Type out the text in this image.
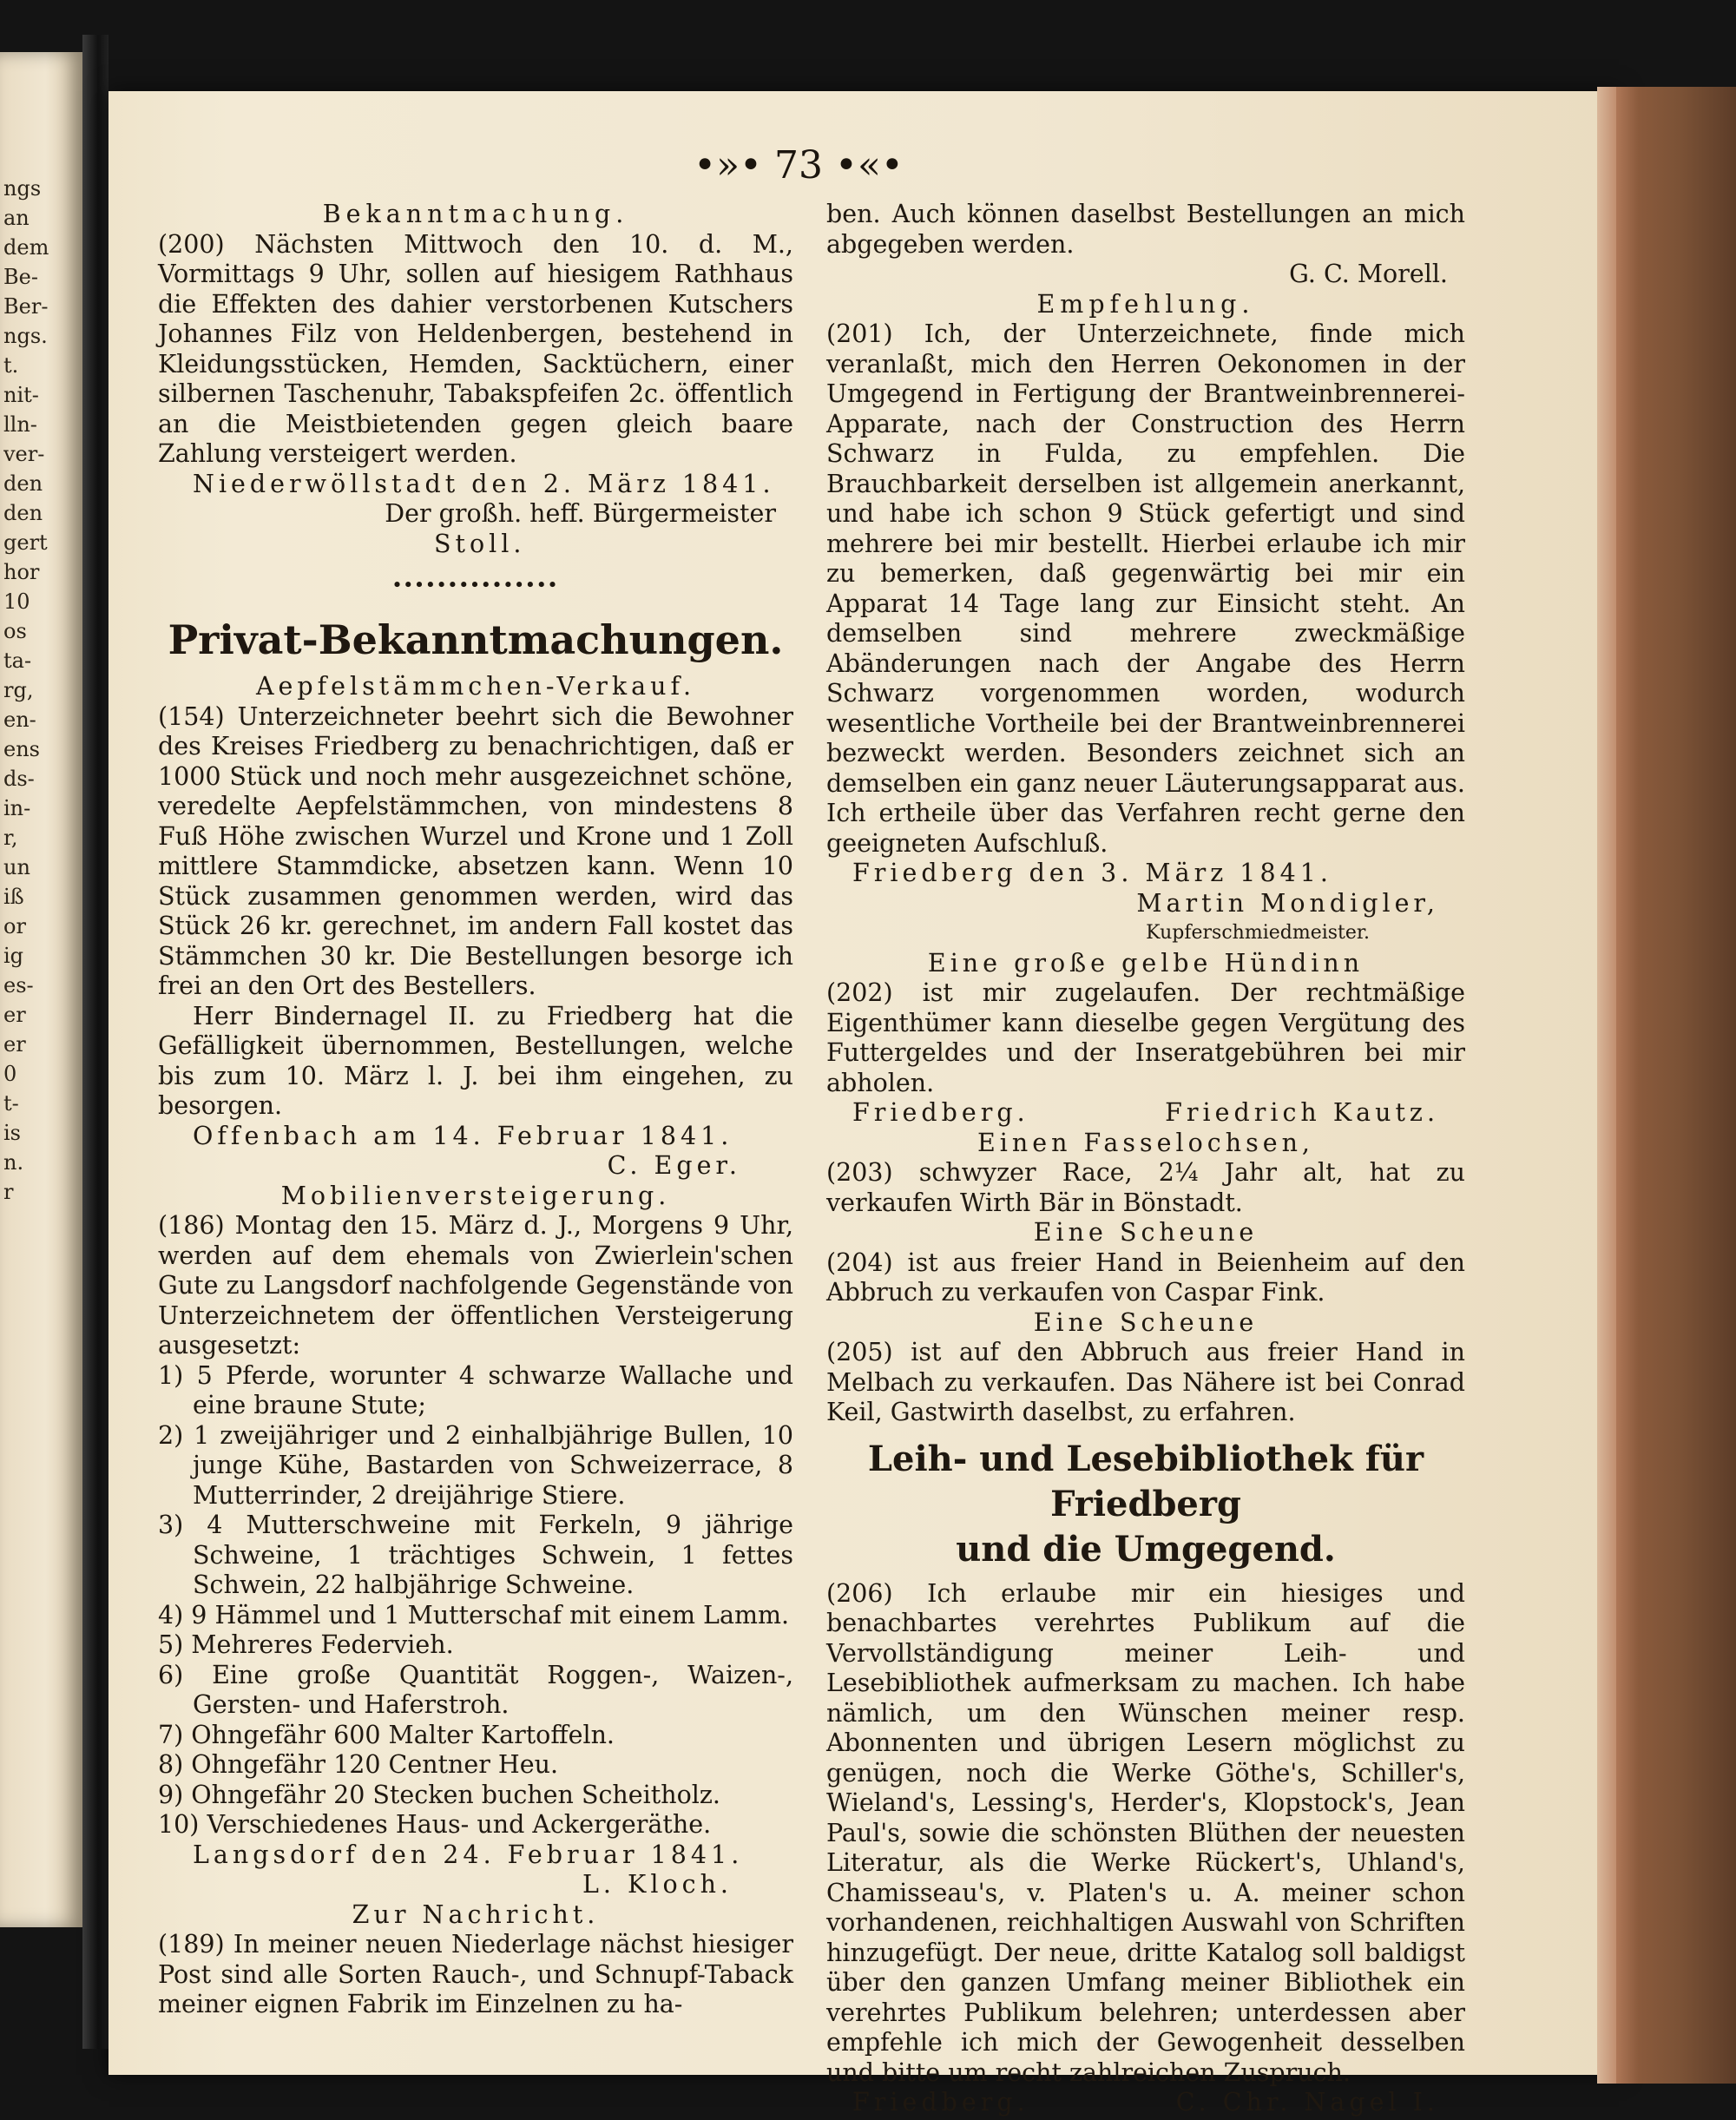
ngs
an
dem
Be-
Ber-
ngs.
t.
nit-
lln-
ver-
den
den
gert
hor
10
os
ta-
rg,
en-
ens
ds-
in-
r,
un
iß
or
ig
es-
er
er
0
t-
is
n.
r
•»• 73 •«•

Bekanntmachung.

(200) Nächsten Mittwoch den 10. d. M., Vormittags 9 Uhr, sollen auf hiesigem Rathhaus die Effekten des dahier verstorbenen Kutschers Johannes Filz von Heldenbergen, bestehend in Kleidungsstücken, Hemden, Sacktüchern, einer silbernen Taschenuhr, Tabakspfeifen 2c. öffentlich an die Meistbietenden gegen gleich baare Zahlung versteigert werden.

Niederwöllstadt den 2. März 1841.

Der großh. heff. Bürgermeister

Stoll.

∙∙∙∙∙∙∙∙∙∙∙∙∙∙∙

Privat-Bekanntmachungen.

Aepfelstämmchen-Verkauf.

(154) Unterzeichneter beehrt sich die Bewohner des Kreises Friedberg zu benachrichtigen, daß er 1000 Stück und noch mehr ausgezeichnet schöne, veredelte Aepfelstämmchen, von mindestens 8 Fuß Höhe zwischen Wurzel und Krone und 1 Zoll mittlere Stammdicke, absetzen kann. Wenn 10 Stück zusammen genommen werden, wird das Stück 26 kr. gerechnet, im andern Fall kostet das Stämmchen 30 kr. Die Bestellungen besorge ich frei an den Ort des Bestellers.

Herr Bindernagel II. zu Friedberg hat die Gefälligkeit übernommen, Bestellungen, welche bis zum 10. März l. J. bei ihm eingehen, zu besorgen.

Offenbach am 14. Februar 1841.

C. Eger.

Mobilienversteigerung.

(186) Montag den 15. März d. J., Morgens 9 Uhr, werden auf dem ehemals von Zwierlein'schen Gute zu Langsdorf nachfolgende Gegenstände von Unterzeichnetem der öffentlichen Versteigerung ausgesetzt:

1) 5 Pferde, worunter 4 schwarze Wallache und eine braune Stute;

2) 1 zweijähriger und 2 einhalbjährige Bullen, 10 junge Kühe, Bastarden von Schweizerrace, 8 Mutterrinder, 2 dreijährige Stiere.

3) 4 Mutterschweine mit Ferkeln, 9 jährige Schweine, 1 trächtiges Schwein, 1 fettes Schwein, 22 halbjährige Schweine.

4) 9 Hämmel und 1 Mutterschaf mit einem Lamm.

5) Mehreres Federvieh.

6) Eine große Quantität Roggen-, Waizen-, Gersten- und Haferstroh.

7) Ohngefähr 600 Malter Kartoffeln.

8) Ohngefähr 120 Centner Heu.

9) Ohngefähr 20 Stecken buchen Scheitholz.

10) Verschiedenes Haus- und Ackergeräthe.

Langsdorf den 24. Februar 1841.

L. Kloch.

Zur Nachricht.

(189) In meiner neuen Niederlage nächst hiesiger Post sind alle Sorten Rauch-, und Schnupf-Taback meiner eignen Fabrik im Einzelnen zu ha-

ben. Auch können daselbst Bestellungen an mich abgegeben werden.

G. C. Morell.

Empfehlung.

(201) Ich, der Unterzeichnete, finde mich veranlaßt, mich den Herren Oekonomen in der Umgegend in Fertigung der Brantweinbrennerei-Apparate, nach der Construction des Herrn Schwarz in Fulda, zu empfehlen. Die Brauchbarkeit derselben ist allgemein anerkannt, und habe ich schon 9 Stück gefertigt und sind mehrere bei mir bestellt. Hierbei erlaube ich mir zu bemerken, daß gegenwärtig bei mir ein Apparat 14 Tage lang zur Einsicht steht. An demselben sind mehrere zweckmäßige Abänderungen nach der Angabe des Herrn Schwarz vorgenommen worden, wodurch wesentliche Vortheile bei der Brantweinbrennerei bezweckt werden. Besonders zeichnet sich an demselben ein ganz neuer Läuterungsapparat aus. Ich ertheile über das Verfahren recht gerne den geeigneten Aufschluß.

Friedberg den 3. März 1841.

Martin Mondigler,

Kupferschmiedmeister.

Eine große gelbe Hündinn

(202) ist mir zugelaufen. Der rechtmäßige Eigenthümer kann dieselbe gegen Vergütung des Futtergeldes und der Inseratgebühren bei mir abholen.

Friedberg.	Friedrich Kautz.

Einen Fasselochsen,

(203) schwyzer Race, 2¼ Jahr alt, hat zu verkaufen Wirth Bär in Bönstadt.

Eine Scheune

(204) ist aus freier Hand in Beienheim auf den Abbruch zu verkaufen von Caspar Fink.

Eine Scheune

(205) ist auf den Abbruch aus freier Hand in Melbach zu verkaufen. Das Nähere ist bei Conrad Keil, Gastwirth daselbst, zu erfahren.

Leih- und Lesebibliothek für Friedberg

und die Umgegend.

(206) Ich erlaube mir ein hiesiges und benachbartes verehrtes Publikum auf die Vervollständigung meiner Leih- und Lesebibliothek aufmerksam zu machen. Ich habe nämlich, um den Wünschen meiner resp. Abonnenten und übrigen Lesern möglichst zu genügen, noch die Werke Göthe's, Schiller's, Wieland's, Lessing's, Herder's, Klopstock's, Jean Paul's, sowie die schönsten Blüthen der neuesten Literatur, als die Werke Rückert's, Uhland's, Chamisseau's, v. Platen's u. A. meiner schon vorhandenen, reichhaltigen Auswahl von Schriften hinzugefügt. Der neue, dritte Katalog soll baldigst über den ganzen Umfang meiner Bibliothek ein verehrtes Publikum belehren; unterdessen aber empfehle ich mich der Gewogenheit desselben und bitte um recht zahlreichen Zuspruch.

Friedberg.	C. Chr. Nagel I.
